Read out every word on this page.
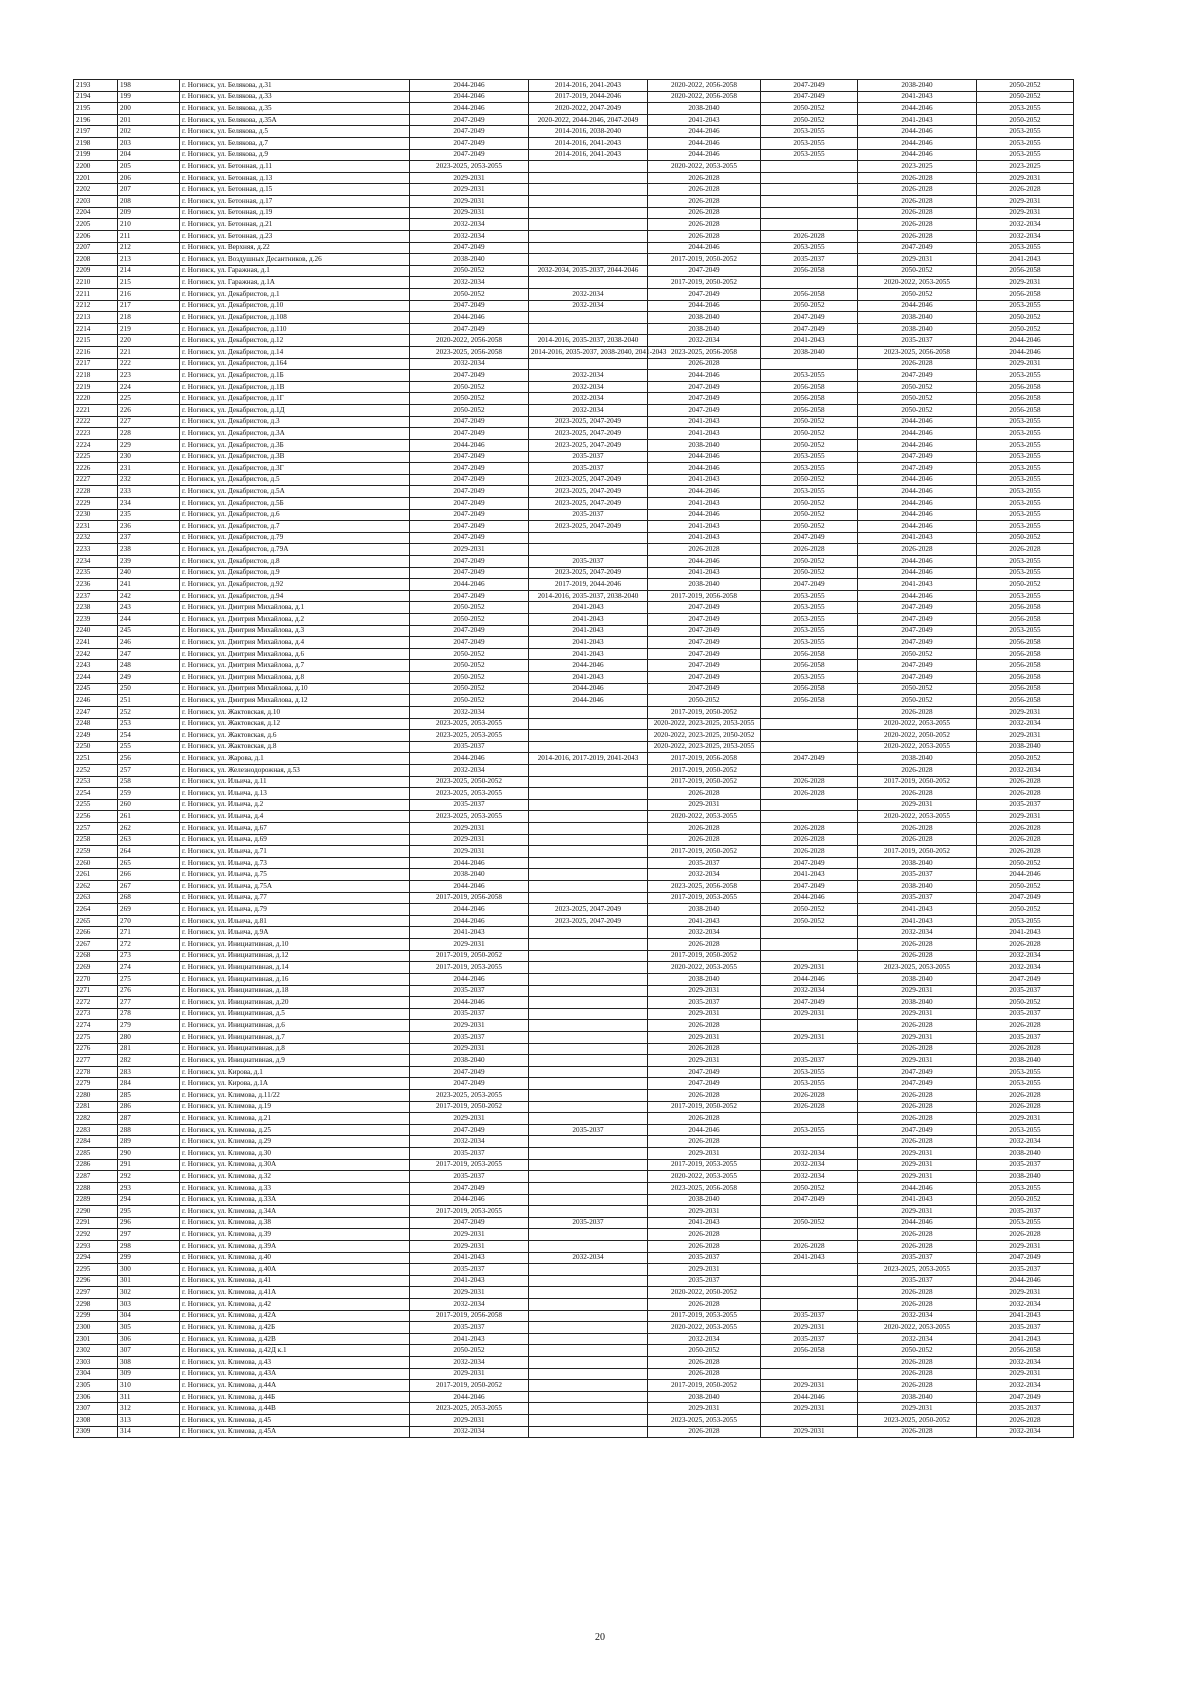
2193	198	г. Ногинск, ул. Белякова, д.31	2044-2046	2014-2016, 2041-2043	2020-2022, 2056-2058	2047-2049	2038-2040	2050-2052
2194	199	г. Ногинск, ул. Белякова, д.33	2044-2046	2017-2019, 2044-2046	2020-2022, 2056-2058	2047-2049	2041-2043	2050-2052
2195	200	г. Ногинск, ул. Белякова, д.35	2044-2046	2020-2022, 2047-2049	2038-2040	2050-2052	2044-2046	2053-2055
2196	201	г. Ногинск, ул. Белякова, д.35А	2047-2049	2020-2022, 2044-2046, 2047-2049	2041-2043	2050-2052	2041-2043	2050-2052
2197	202	г. Ногинск, ул. Белякова, д.5	2047-2049	2014-2016, 2038-2040	2044-2046	2053-2055	2044-2046	2053-2055
2198	203	г. Ногинск, ул. Белякова, д.7	2047-2049	2014-2016, 2041-2043	2044-2046	2053-2055	2044-2046	2053-2055
2199	204	г. Ногинск, ул. Белякова, д.9	2047-2049	2014-2016, 2041-2043	2044-2046	2053-2055	2044-2046	2053-2055
2200	205	г. Ногинск, ул. Бетонная, д.11	2023-2025, 2053-2055		2020-2022, 2053-2055		2023-2025	2023-2025
2201	206	г. Ногинск, ул. Бетонная, д.13	2029-2031		2026-2028		2026-2028	2029-2031
2202	207	г. Ногинск, ул. Бетонная, д.15	2029-2031		2026-2028		2026-2028	2026-2028
2203	208	г. Ногинск, ул. Бетонная, д.17	2029-2031		2026-2028		2026-2028	2029-2031
2204	209	г. Ногинск, ул. Бетонная, д.19	2029-2031		2026-2028		2026-2028	2029-2031
2205	210	г. Ногинск, ул. Бетонная, д.21	2032-2034		2026-2028		2026-2028	2032-2034
2206	211	г. Ногинск, ул. Бетонная, д.23	2032-2034		2026-2028	2026-2028	2026-2028	2032-2034
2207	212	г. Ногинск, ул. Верхняя, д.22	2047-2049		2044-2046	2053-2055	2047-2049	2053-2055
2208	213	г. Ногинск, ул. Воздушных Десантников, д.26	2038-2040		2017-2019, 2050-2052	2035-2037	2029-2031	2041-2043
2209	214	г. Ногинск, ул. Гаражная, д.1	2050-2052	2032-2034, 2035-2037, 2044-2046	2047-2049	2056-2058	2050-2052	2056-2058
2210	215	г. Ногинск, ул. Гаражная, д.1А	2032-2034		2017-2019, 2050-2052		2020-2022, 2053-2055	2029-2031
2211	216	г. Ногинск, ул. Декабристов, д.1	2050-2052	2032-2034	2047-2049	2056-2058	2050-2052	2056-2058
2212	217	г. Ногинск, ул. Декабристов, д.10	2047-2049	2032-2034	2044-2046	2050-2052	2044-2046	2053-2055
2213	218	г. Ногинск, ул. Декабристов, д.108	2044-2046		2038-2040	2047-2049	2038-2040	2050-2052
2214	219	г. Ногинск, ул. Декабристов, д.110	2047-2049		2038-2040	2047-2049	2038-2040	2050-2052
2215	220	г. Ногинск, ул. Декабристов, д.12	2020-2022, 2056-2058	2014-2016, 2035-2037, 2038-2040	2032-2034	2041-2043	2035-2037	2044-2046
2216	221	г. Ногинск, ул. Декабристов, д.14	2023-2025, 2056-2058	2014-2016, 2035-2037, 2038-2040, 2041-2043	2023-2025, 2056-2058	2038-2040	2023-2025, 2056-2058	2044-2046
2217	222	г. Ногинск, ул. Декабристов, д.164	2032-2034		2026-2028		2026-2028	2029-2031
2218	223	г. Ногинск, ул. Декабристов, д.1Б	2047-2049	2032-2034	2044-2046	2053-2055	2047-2049	2053-2055
2219	224	г. Ногинск, ул. Декабристов, д.1В	2050-2052	2032-2034	2047-2049	2056-2058	2050-2052	2056-2058
2220	225	г. Ногинск, ул. Декабристов, д.1Г	2050-2052	2032-2034	2047-2049	2056-2058	2050-2052	2056-2058
2221	226	г. Ногинск, ул. Декабристов, д.1Д	2050-2052	2032-2034	2047-2049	2056-2058	2050-2052	2056-2058
2222	227	г. Ногинск, ул. Декабристов, д.3	2047-2049	2023-2025, 2047-2049	2041-2043	2050-2052	2044-2046	2053-2055
2223	228	г. Ногинск, ул. Декабристов, д.3А	2047-2049	2023-2025, 2047-2049	2041-2043	2050-2052	2044-2046	2053-2055
2224	229	г. Ногинск, ул. Декабристов, д.3Б	2044-2046	2023-2025, 2047-2049	2038-2040	2050-2052	2044-2046	2053-2055
2225	230	г. Ногинск, ул. Декабристов, д.3В	2047-2049	2035-2037	2044-2046	2053-2055	2047-2049	2053-2055
2226	231	г. Ногинск, ул. Декабристов, д.3Г	2047-2049	2035-2037	2044-2046	2053-2055	2047-2049	2053-2055
2227	232	г. Ногинск, ул. Декабристов, д.5	2047-2049	2023-2025, 2047-2049	2041-2043	2050-2052	2044-2046	2053-2055
2228	233	г. Ногинск, ул. Декабристов, д.5А	2047-2049	2023-2025, 2047-2049	2044-2046	2053-2055	2044-2046	2053-2055
2229	234	г. Ногинск, ул. Декабристов, д.5Б	2047-2049	2023-2025, 2047-2049	2041-2043	2050-2052	2044-2046	2053-2055
2230	235	г. Ногинск, ул. Декабристов, д.6	2047-2049	2035-2037	2044-2046	2050-2052	2044-2046	2053-2055
2231	236	г. Ногинск, ул. Декабристов, д.7	2047-2049	2023-2025, 2047-2049	2041-2043	2050-2052	2044-2046	2053-2055
2232	237	г. Ногинск, ул. Декабристов, д.79	2047-2049		2041-2043	2047-2049	2041-2043	2050-2052
2233	238	г. Ногинск, ул. Декабристов, д.79А	2029-2031		2026-2028	2026-2028	2026-2028	2026-2028
2234	239	г. Ногинск, ул. Декабристов, д.8	2047-2049	2035-2037	2044-2046	2050-2052	2044-2046	2053-2055
2235	240	г. Ногинск, ул. Декабристов, д.9	2047-2049	2023-2025, 2047-2049	2041-2043	2050-2052	2044-2046	2053-2055
2236	241	г. Ногинск, ул. Декабристов, д.92	2044-2046	2017-2019, 2044-2046	2038-2040	2047-2049	2041-2043	2050-2052
2237	242	г. Ногинск, ул. Декабристов, д.94	2047-2049	2014-2016, 2035-2037, 2038-2040	2017-2019, 2056-2058	2053-2055	2044-2046	2053-2055
2238	243	г. Ногинск, ул. Дмитрия Михайлова, д.1	2050-2052	2041-2043	2047-2049	2053-2055	2047-2049	2056-2058
2239	244	г. Ногинск, ул. Дмитрия Михайлова, д.2	2050-2052	2041-2043	2047-2049	2053-2055	2047-2049	2056-2058
2240	245	г. Ногинск, ул. Дмитрия Михайлова, д.3	2047-2049	2041-2043	2047-2049	2053-2055	2047-2049	2053-2055
2241	246	г. Ногинск, ул. Дмитрия Михайлова, д.4	2047-2049	2041-2043	2047-2049	2053-2055	2047-2049	2056-2058
2242	247	г. Ногинск, ул. Дмитрия Михайлова, д.6	2050-2052	2041-2043	2047-2049	2056-2058	2050-2052	2056-2058
2243	248	г. Ногинск, ул. Дмитрия Михайлова, д.7	2050-2052	2044-2046	2047-2049	2056-2058	2047-2049	2056-2058
2244	249	г. Ногинск, ул. Дмитрия Михайлова, д.8	2050-2052	2041-2043	2047-2049	2053-2055	2047-2049	2056-2058
2245	250	г. Ногинск, ул. Дмитрия Михайлова, д.10	2050-2052	2044-2046	2047-2049	2056-2058	2050-2052	2056-2058
2246	251	г. Ногинск, ул. Дмитрия Михайлова, д.12	2050-2052	2044-2046	2050-2052	2056-2058	2050-2052	2056-2058
2247	252	г. Ногинск, ул. Жактовская, д.10	2032-2034		2017-2019, 2050-2052		2026-2028	2029-2031
2248	253	г. Ногинск, ул. Жактовская, д.12	2023-2025, 2053-2055		2020-2022, 2023-2025, 2053-2055		2020-2022, 2053-2055	2032-2034
2249	254	г. Ногинск, ул. Жактовская, д.6	2023-2025, 2053-2055		2020-2022, 2023-2025, 2050-2052		2020-2022, 2050-2052	2029-2031
2250	255	г. Ногинск, ул. Жактовская, д.8	2035-2037		2020-2022, 2023-2025, 2053-2055		2020-2022, 2053-2055	2038-2040
2251	256	г. Ногинск, ул. Жарова, д.1	2044-2046	2014-2016, 2017-2019, 2041-2043	2017-2019, 2056-2058	2047-2049	2038-2040	2050-2052
2252	257	г. Ногинск, ул. Железнодорожная, д.53	2032-2034		2017-2019, 2050-2052		2026-2028	2032-2034
2253	258	г. Ногинск, ул. Ильича, д.11	2023-2025, 2050-2052		2017-2019, 2050-2052	2026-2028	2017-2019, 2050-2052	2026-2028
2254	259	г. Ногинск, ул. Ильича, д.13	2023-2025, 2053-2055		2026-2028	2026-2028	2026-2028	2026-2028
2255	260	г. Ногинск, ул. Ильича, д.2	2035-2037		2029-2031		2029-2031	2035-2037
2256	261	г. Ногинск, ул. Ильича, д.4	2023-2025, 2053-2055		2020-2022, 2053-2055		2020-2022, 2053-2055	2029-2031
2257	262	г. Ногинск, ул. Ильича, д.67	2029-2031		2026-2028	2026-2028	2026-2028	2026-2028
2258	263	г. Ногинск, ул. Ильича, д.69	2029-2031		2026-2028	2026-2028	2026-2028	2026-2028
2259	264	г. Ногинск, ул. Ильича, д.71	2029-2031		2017-2019, 2050-2052	2026-2028	2017-2019, 2050-2052	2026-2028
2260	265	г. Ногинск, ул. Ильича, д.73	2044-2046		2035-2037	2047-2049	2038-2040	2050-2052
2261	266	г. Ногинск, ул. Ильича, д.75	2038-2040		2032-2034	2041-2043	2035-2037	2044-2046
2262	267	г. Ногинск, ул. Ильича, д.75А	2044-2046		2023-2025, 2056-2058	2047-2049	2038-2040	2050-2052
2263	268	г. Ногинск, ул. Ильича, д.77	2017-2019, 2056-2058		2017-2019, 2053-2055	2044-2046	2035-2037	2047-2049
2264	269	г. Ногинск, ул. Ильича, д.79	2044-2046	2023-2025, 2047-2049	2038-2040	2050-2052	2041-2043	2050-2052
2265	270	г. Ногинск, ул. Ильича, д.81	2044-2046	2023-2025, 2047-2049	2041-2043	2050-2052	2041-2043	2053-2055
2266	271	г. Ногинск, ул. Ильича, д.9А	2041-2043		2032-2034		2032-2034	2041-2043
2267	272	г. Ногинск, ул. Инициативная, д.10	2029-2031		2026-2028		2026-2028	2026-2028
2268	273	г. Ногинск, ул. Инициативная, д.12	2017-2019, 2050-2052		2017-2019, 2050-2052		2026-2028	2032-2034
2269	274	г. Ногинск, ул. Инициативная, д.14	2017-2019, 2053-2055		2020-2022, 2053-2055	2029-2031	2023-2025, 2053-2055	2032-2034
2270	275	г. Ногинск, ул. Инициативная, д.16	2044-2046		2038-2040	2044-2046	2038-2040	2047-2049
2271	276	г. Ногинск, ул. Инициативная, д.18	2035-2037		2029-2031	2032-2034	2029-2031	2035-2037
2272	277	г. Ногинск, ул. Инициативная, д.20	2044-2046		2035-2037	2047-2049	2038-2040	2050-2052
2273	278	г. Ногинск, ул. Инициативная, д.5	2035-2037		2029-2031	2029-2031	2029-2031	2035-2037
2274	279	г. Ногинск, ул. Инициативная, д.6	2029-2031		2026-2028		2026-2028	2026-2028
2275	280	г. Ногинск, ул. Инициативная, д.7	2035-2037		2029-2031	2029-2031	2029-2031	2035-2037
2276	281	г. Ногинск, ул. Инициативная, д.8	2029-2031		2026-2028		2026-2028	2026-2028
2277	282	г. Ногинск, ул. Инициативная, д.9	2038-2040		2029-2031	2035-2037	2029-2031	2038-2040
2278	283	г. Ногинск, ул. Кирова, д.1	2047-2049		2047-2049	2053-2055	2047-2049	2053-2055
2279	284	г. Ногинск, ул. Кирова, д.1А	2047-2049		2047-2049	2053-2055	2047-2049	2053-2055
2280	285	г. Ногинск, ул. Климова, д.11/22	2023-2025, 2053-2055		2026-2028	2026-2028	2026-2028	2026-2028
2281	286	г. Ногинск, ул. Климова, д.19	2017-2019, 2050-2052		2017-2019, 2050-2052	2026-2028	2026-2028	2026-2028
2282	287	г. Ногинск, ул. Климова, д.21	2029-2031		2026-2028		2026-2028	2029-2031
2283	288	г. Ногинск, ул. Климова, д.25	2047-2049	2035-2037	2044-2046	2053-2055	2047-2049	2053-2055
2284	289	г. Ногинск, ул. Климова, д.29	2032-2034		2026-2028		2026-2028	2032-2034
2285	290	г. Ногинск, ул. Климова, д.30	2035-2037		2029-2031	2032-2034	2029-2031	2038-2040
2286	291	г. Ногинск, ул. Климова, д.30А	2017-2019, 2053-2055		2017-2019, 2053-2055	2032-2034	2029-2031	2035-2037
2287	292	г. Ногинск, ул. Климова, д.32	2035-2037		2020-2022, 2053-2055	2032-2034	2029-2031	2038-2040
2288	293	г. Ногинск, ул. Климова, д.33	2047-2049		2023-2025, 2056-2058	2050-2052	2044-2046	2053-2055
2289	294	г. Ногинск, ул. Климова, д.33А	2044-2046		2038-2040	2047-2049	2041-2043	2050-2052
2290	295	г. Ногинск, ул. Климова, д.34А	2017-2019, 2053-2055		2029-2031		2029-2031	2035-2037
2291	296	г. Ногинск, ул. Климова, д.38	2047-2049	2035-2037	2041-2043	2050-2052	2044-2046	2053-2055
2292	297	г. Ногинск, ул. Климова, д.39	2029-2031		2026-2028		2026-2028	2026-2028
2293	298	г. Ногинск, ул. Климова, д.39А	2029-2031		2026-2028	2026-2028	2026-2028	2029-2031
2294	299	г. Ногинск, ул. Климова, д.40	2041-2043	2032-2034	2035-2037	2041-2043	2035-2037	2047-2049
2295	300	г. Ногинск, ул. Климова, д.40А	2035-2037		2029-2031		2023-2025, 2053-2055	2035-2037
2296	301	г. Ногинск, ул. Климова, д.41	2041-2043		2035-2037		2035-2037	2044-2046
2297	302	г. Ногинск, ул. Климова, д.41А	2029-2031		2020-2022, 2050-2052		2026-2028	2029-2031
2298	303	г. Ногинск, ул. Климова, д.42	2032-2034		2026-2028		2026-2028	2032-2034
2299	304	г. Ногинск, ул. Климова, д.42А	2017-2019, 2056-2058		2017-2019, 2053-2055	2035-2037	2032-2034	2041-2043
2300	305	г. Ногинск, ул. Климова, д.42Б	2035-2037		2020-2022, 2053-2055	2029-2031	2020-2022, 2053-2055	2035-2037
2301	306	г. Ногинск, ул. Климова, д.42В	2041-2043		2032-2034	2035-2037	2032-2034	2041-2043
2302	307	г. Ногинск, ул. Климова, д.42Д к.1	2050-2052		2050-2052	2056-2058	2050-2052	2056-2058
2303	308	г. Ногинск, ул. Климова, д.43	2032-2034		2026-2028		2026-2028	2032-2034
2304	309	г. Ногинск, ул. Климова, д.43А	2029-2031		2026-2028		2026-2028	2029-2031
2305	310	г. Ногинск, ул. Климова, д.44А	2017-2019, 2050-2052		2017-2019, 2050-2052	2029-2031	2026-2028	2032-2034
2306	311	г. Ногинск, ул. Климова, д.44Б	2044-2046		2038-2040	2044-2046	2038-2040	2047-2049
2307	312	г. Ногинск, ул. Климова, д.44В	2023-2025, 2053-2055		2029-2031	2029-2031	2029-2031	2035-2037
2308	313	г. Ногинск, ул. Климова, д.45	2029-2031		2023-2025, 2053-2055		2023-2025, 2050-2052	2026-2028
2309	314	г. Ногинск, ул. Климова, д.45А	2032-2034		2026-2028	2029-2031	2026-2028	2032-2034
20
